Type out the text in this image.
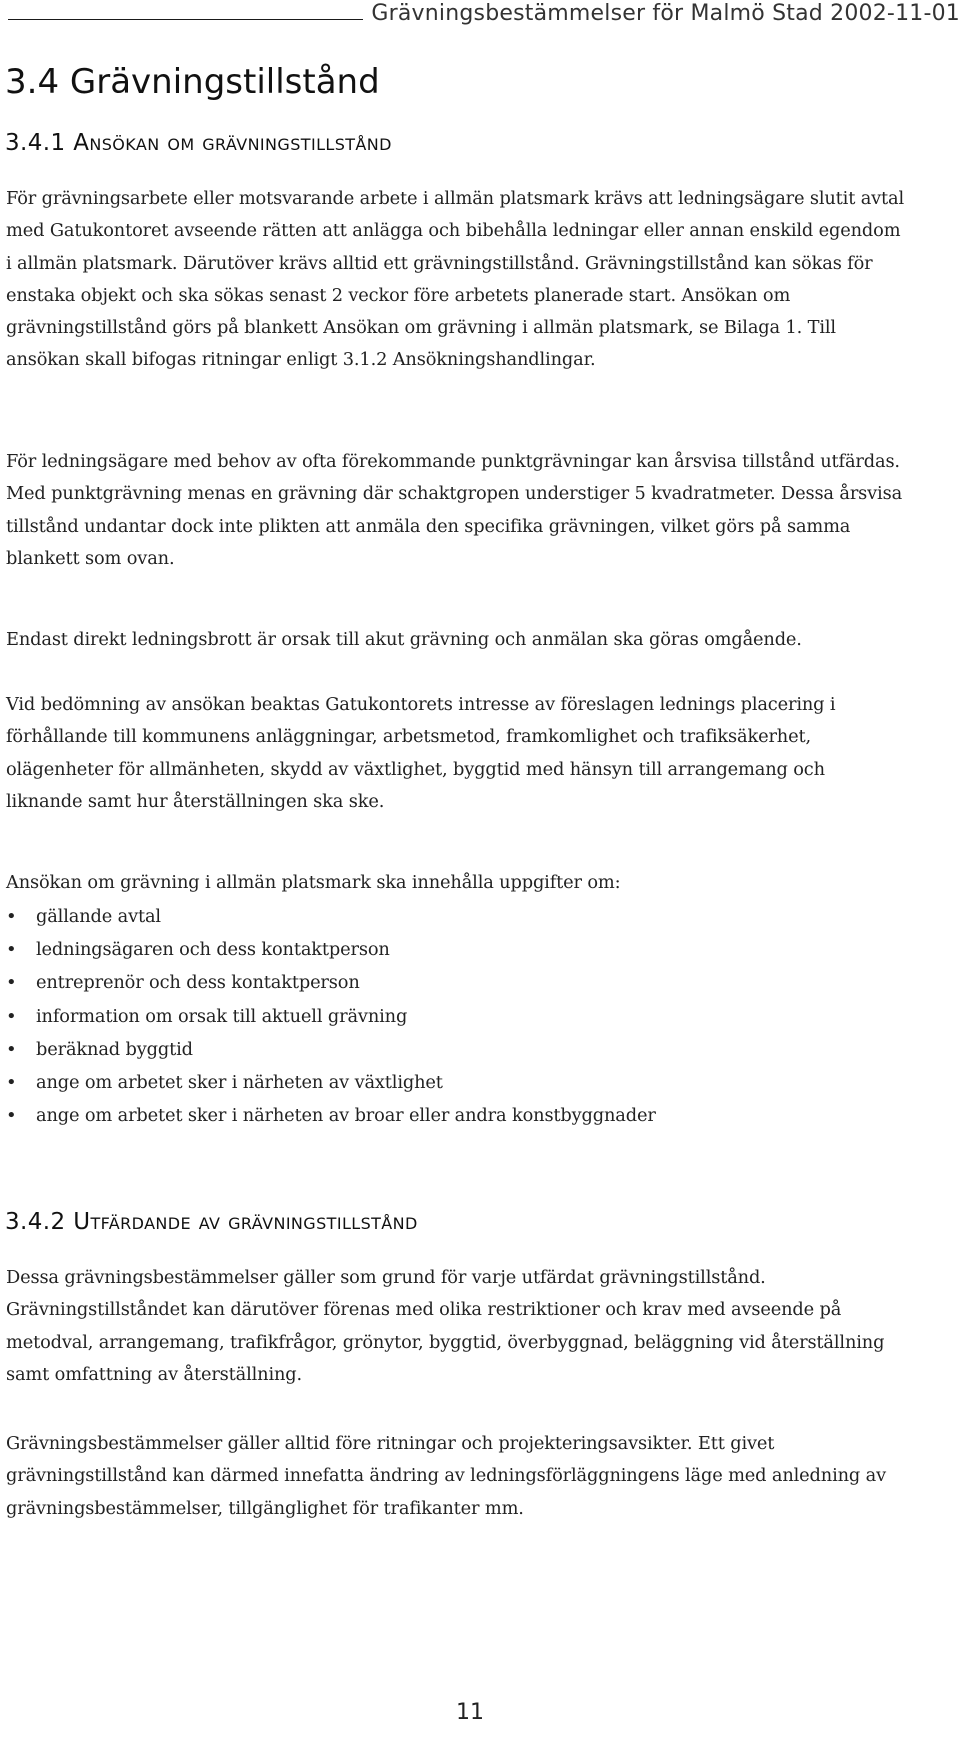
Grävningsbestämmelser för Malmö Stad 2002-11-01
3.4 Grävningstillstånd
3.4.1 Ansökan om grävningstillstånd

För grävningsarbete eller motsvarande arbete i allmän platsmark krävs att ledningsägare slutit avtal med Gatukontoret avseende rätten att anlägga och bibehålla ledningar eller annan enskild egendom i allmän platsmark. Därutöver krävs alltid ett grävningstillstånd. Grävningstillstånd kan sökas för enstaka objekt och ska sökas senast 2 veckor före arbetets planerade start. Ansökan om grävningstillstånd görs på blankett Ansökan om grävning i allmän platsmark, se Bilaga 1. Till ansökan skall bifogas ritningar enligt 3.1.2 Ansökningshandlingar.

För ledningsägare med behov av ofta förekommande punktgrävningar kan årsvisa tillstånd utfärdas. Med punktgrävning menas en grävning där schaktgropen understiger 5 kvadratmeter. Dessa årsvisa tillstånd undantar dock inte plikten att anmäla den specifika grävningen, vilket görs på samma blankett som ovan.

Endast direkt ledningsbrott är orsak till akut grävning och anmälan ska göras omgående.

Vid bedömning av ansökan beaktas Gatukontorets intresse av föreslagen lednings placering i förhållande till kommunens anläggningar, arbetsmetod, framkomlighet och trafiksäkerhet, olägenheter för allmänheten, skydd av växtlighet, byggtid med hänsyn till arrangemang och liknande samt hur återställningen ska ske.

Ansökan om grävning i allmän platsmark ska innehålla uppgifter om:

•	gällande avtal
•	ledningsägaren och dess kontaktperson
•	entreprenör och dess kontaktperson
•	information om orsak till aktuell grävning
•	beräknad byggtid
•	ange om arbetet sker i närheten av växtlighet
•	ange om arbetet sker i närheten av broar eller andra konstbyggnader
3.4.2 Utfärdande av grävningstillstånd

Dessa grävningsbestämmelser gäller som grund för varje utfärdat grävningstillstånd. Grävningstillståndet kan därutöver förenas med olika restriktioner och krav med avseende på metodval, arrangemang, trafikfrågor, grönytor, byggtid, överbyggnad, beläggning vid återställning samt omfattning av återställning.

Grävningsbestämmelser gäller alltid före ritningar och projekteringsavsikter. Ett givet grävningstillstånd kan därmed innefatta ändring av ledningsförläggningens läge med anledning av grävningsbestämmelser, tillgänglighet för trafikanter mm.

11
